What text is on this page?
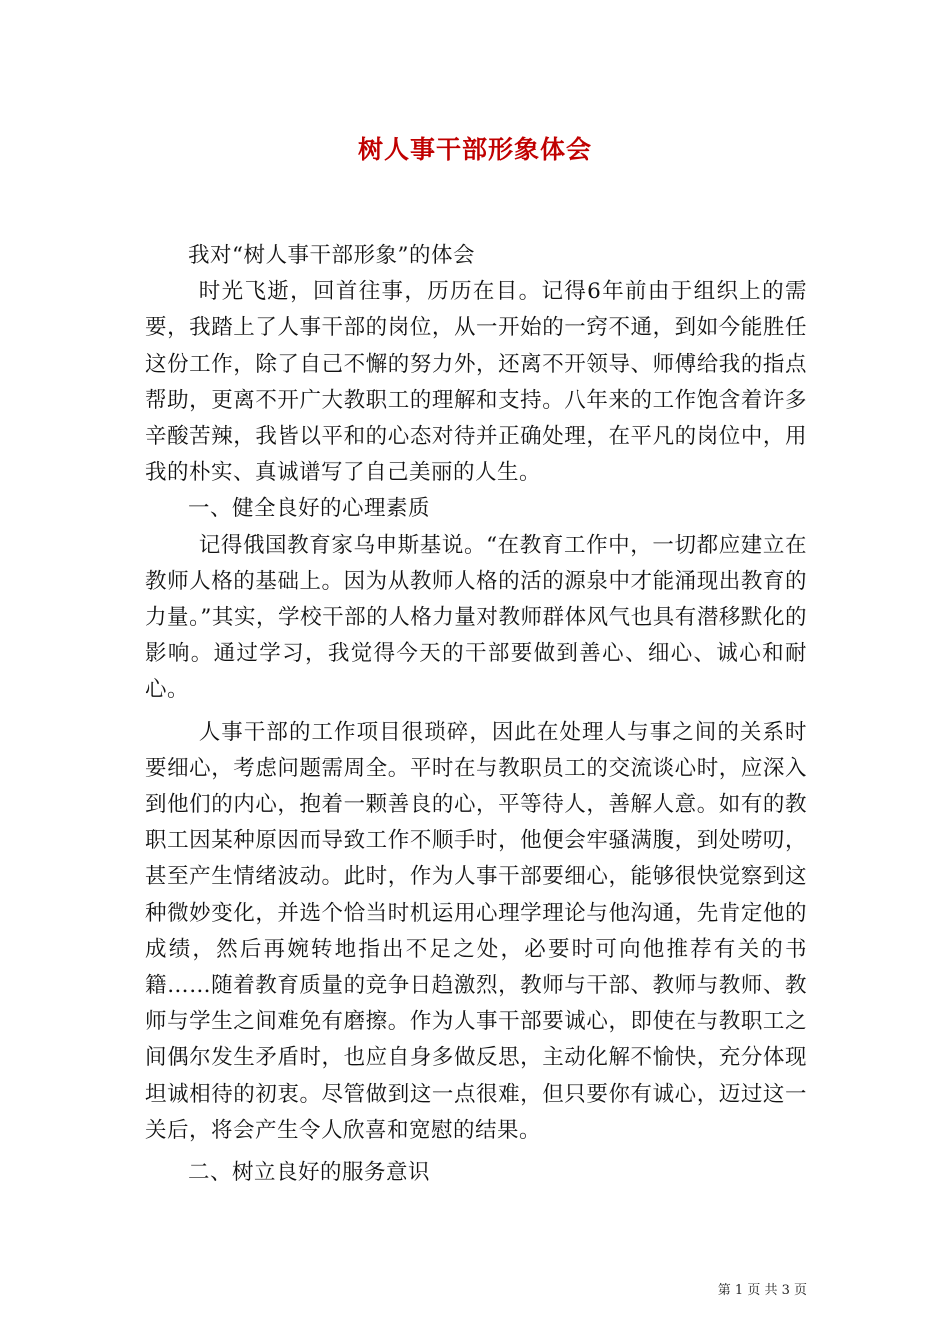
树人事干部形象体会

我对“树人事干部形象”的体会

时光飞逝，回首往事，历历在目。记得6年前由于组织上的需要，我踏上了人事干部的岗位，从一开始的一窍不通，到如今能胜任这份工作，除了自己不懈的努力外，还离不开领导、师傅给我的指点帮助，更离不开广大教职工的理解和支持。八年来的工作饱含着许多辛酸苦辣，我皆以平和的心态对待并正确处理，在平凡的岗位中，用我的朴实、真诚谱写了自己美丽的人生。

一、健全良好的心理素质

记得俄国教育家乌申斯基说。“在教育工作中，一切都应建立在教师人格的基础上。因为从教师人格的活的源泉中才能涌现出教育的力量。”其实，学校干部的人格力量对教师群体风气也具有潜移默化的影响。通过学习，我觉得今天的干部要做到善心、细心、诚心和耐心。

人事干部的工作项目很琐碎，因此在处理人与事之间的关系时要细心，考虑问题需周全。平时在与教职员工的交流谈心时，应深入到他们的内心，抱着一颗善良的心，平等待人，善解人意。如有的教职工因某种原因而导致工作不顺手时，他便会牢骚满腹，到处唠叨，甚至产生情绪波动。此时，作为人事干部要细心，能够很快觉察到这种微妙变化，并选个恰当时机运用心理学理论与他沟通，先肯定他的成绩，然后再婉转地指出不足之处，必要时可向他推荐有关的书籍……随着教育质量的竞争日趋激烈，教师与干部、教师与教师、教师与学生之间难免有磨擦。作为人事干部要诚心，即使在与教职工之间偶尔发生矛盾时，也应自身多做反思，主动化解不愉快，充分体现坦诚相待的初衷。尽管做到这一点很难，但只要你有诚心，迈过这一关后，将会产生令人欣喜和宽慰的结果。

二、树立良好的服务意识

第 1 页 共 3 页
